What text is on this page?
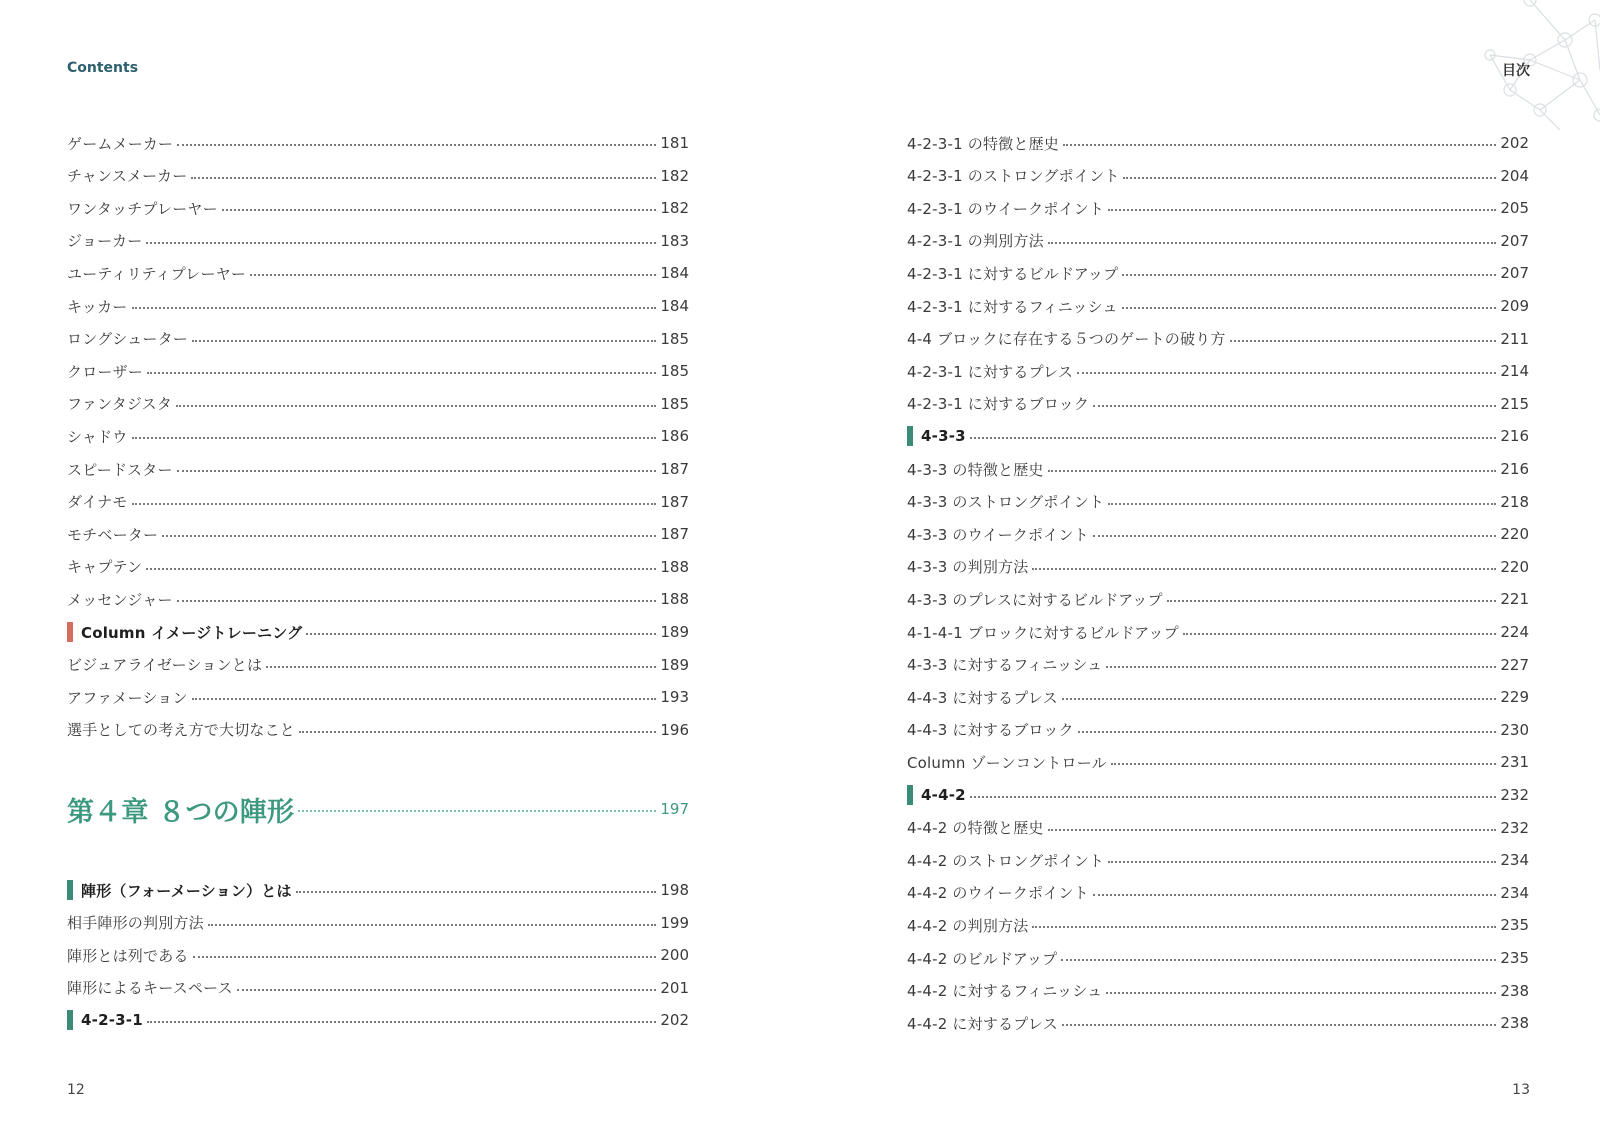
Contents
ゲームメーカー	181
チャンスメーカー	182
ワンタッチプレーヤー	182
ジョーカー	183
ユーティリティプレーヤー	184
キッカー	184
ロングシューター	185
クローザー	185
ファンタジスタ	185
シャドウ	186
スピードスター	187
ダイナモ	187
モチベーター	187
キャプテン	188
メッセンジャー	188
Column イメージトレーニング	189
ビジュアライゼーションとは	189
アファメーション	193
選手としての考え方で大切なこと	196
第４章 ８つの陣形	197
陣形（フォーメーション）とは	198
相手陣形の判別方法	199
陣形とは列である	200
陣形によるキースペース	201
4-2-3-1	202
12
目次
4-2-3-1 の特徴と歴史	202
4-2-3-1 のストロングポイント	204
4-2-3-1 のウイークポイント	205
4-2-3-1 の判別方法	207
4-2-3-1 に対するビルドアップ	207
4-2-3-1 に対するフィニッシュ	209
4-4 ブロックに存在する５つのゲートの破り方	211
4-2-3-1 に対するプレス	214
4-2-3-1 に対するブロック	215
4-3-3	216
4-3-3 の特徴と歴史	216
4-3-3 のストロングポイント	218
4-3-3 のウイークポイント	220
4-3-3 の判別方法	220
4-3-3 のプレスに対するビルドアップ	221
4-1-4-1 ブロックに対するビルドアップ	224
4-3-3 に対するフィニッシュ	227
4-4-3 に対するプレス	229
4-4-3 に対するブロック	230
Column ゾーンコントロール	231
4-4-2	232
4-4-2 の特徴と歴史	232
4-4-2 のストロングポイント	234
4-4-2 のウイークポイント	234
4-4-2 の判別方法	235
4-4-2 のビルドアップ	235
4-4-2 に対するフィニッシュ	238
4-4-2 に対するプレス	238
13
